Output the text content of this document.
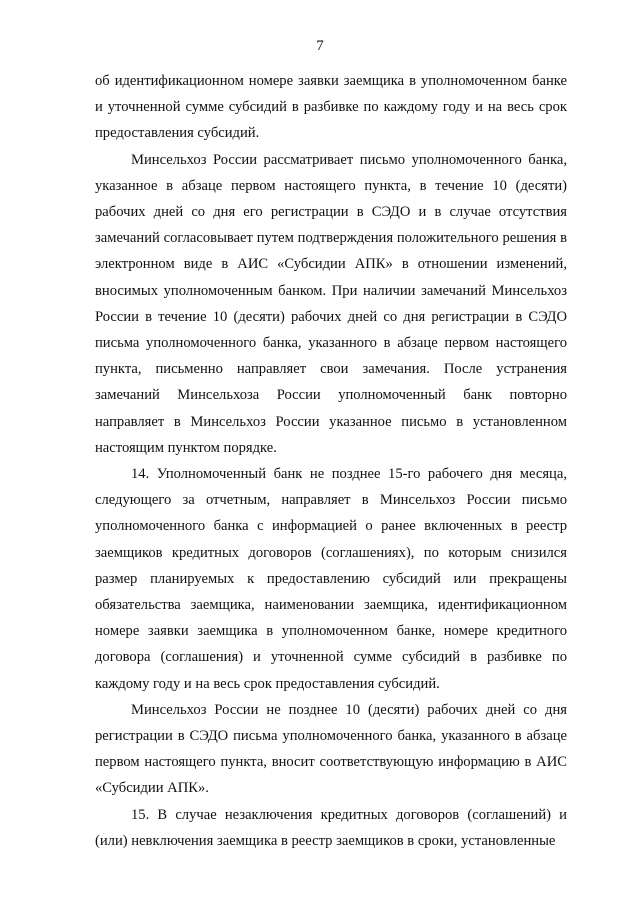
7

об идентификационном номере заявки заемщика в уполномоченном банке и уточненной сумме субсидий в разбивке по каждому году и на весь срок предоставления субсидий.

Минсельхоз России рассматривает письмо уполномоченного банка, указанное в абзаце первом настоящего пункта, в течение 10 (десяти) рабочих дней со дня его регистрации в СЭДО и в случае отсутствия замечаний согласовывает путем подтверждения положительного решения в электронном виде в АИС «Субсидии АПК» в отношении изменений, вносимых уполномоченным банком. При наличии замечаний Минсельхоз России в течение 10 (десяти) рабочих дней со дня регистрации в СЭДО письма уполномоченного банка, указанного в абзаце первом настоящего пункта, письменно направляет свои замечания. После устранения замечаний Минсельхоза России уполномоченный банк повторно направляет в Минсельхоз России указанное письмо в установленном настоящим пунктом порядке.

14. Уполномоченный банк не позднее 15-го рабочего дня месяца, следующего за отчетным, направляет в Минсельхоз России письмо уполномоченного банка с информацией о ранее включенных в реестр заемщиков кредитных договоров (соглашениях), по которым снизился размер планируемых к предоставлению субсидий или прекращены обязательства заемщика, наименовании заемщика, идентификационном номере заявки заемщика в уполномоченном банке, номере кредитного договора (соглашения) и уточненной сумме субсидий в разбивке по каждому году и на весь срок предоставления субсидий.

Минсельхоз России не позднее 10 (десяти) рабочих дней со дня регистрации в СЭДО письма уполномоченного банка, указанного в абзаце первом настоящего пункта, вносит соответствующую информацию в АИС «Субсидии АПК».

15. В случае незаключения кредитных договоров (соглашений) и (или) невключения заемщика в реестр заемщиков в сроки, установленные
